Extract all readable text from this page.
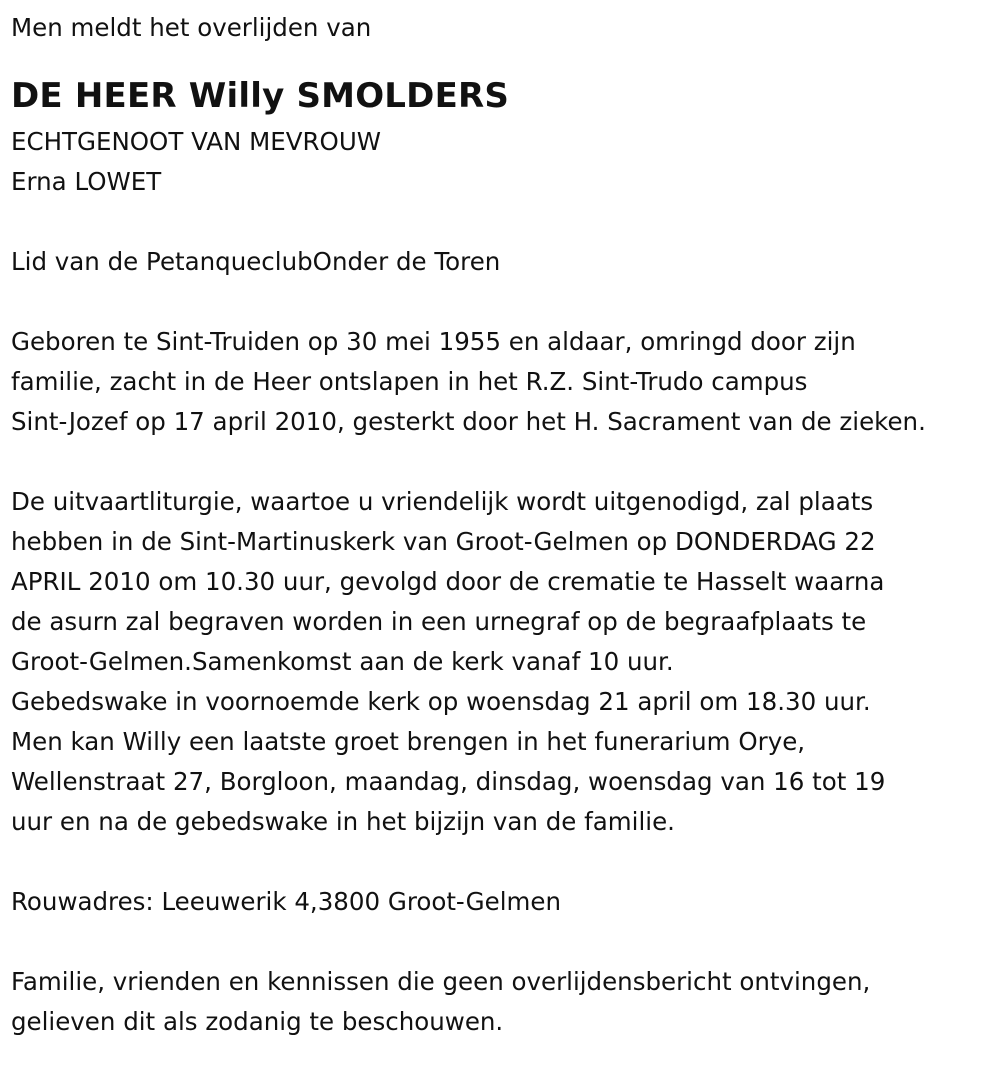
Men meldt het overlijden van
DE HEER Willy SMOLDERS
ECHTGENOOT VAN MEVROUW
Erna LOWET
Lid van de PetanqueclubOnder de Toren
Geboren te Sint-Truiden op 30 mei 1955 en aldaar, omringd door zijn
familie, zacht in de Heer ontslapen in het R.Z. Sint-Trudo campus
Sint-Jozef op 17 april 2010, gesterkt door het H. Sacrament van de zieken.
De uitvaartliturgie, waartoe u vriendelijk wordt uitgenodigd, zal plaats
hebben in de Sint-Martinuskerk van Groot-Gelmen op DONDERDAG 22
APRIL 2010 om 10.30 uur, gevolgd door de crematie te Hasselt waarna
de asurn zal begraven worden in een urnegraf op de begraafplaats te
Groot-Gelmen.Samenkomst aan de kerk vanaf 10 uur.
Gebedswake in voornoemde kerk op woensdag 21 april om 18.30 uur.
Men kan Willy een laatste groet brengen in het funerarium Orye,
Wellenstraat 27, Borgloon, maandag, dinsdag, woensdag van 16 tot 19
uur en na de gebedswake in het bijzijn van de familie.
Rouwadres: Leeuwerik 4,3800 Groot-Gelmen
Familie, vrienden en kennissen die geen overlijdensbericht ontvingen,
gelieven dit als zodanig te beschouwen.
